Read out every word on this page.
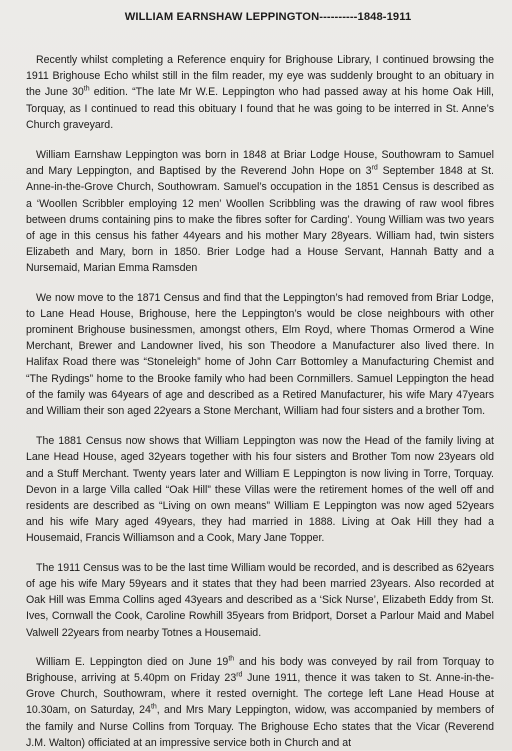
WILLIAM EARNSHAW LEPPINGTON----------1848-1911

Recently whilst completing a Reference enquiry for Brighouse Library, I continued browsing the 1911 Brighouse Echo whilst still in the film reader, my eye was suddenly brought to an obituary in the June 30th edition. “The late Mr W.E. Leppington who had passed away at his home Oak Hill, Torquay, as I continued to read this obituary I found that he was going to be interred in St. Anne’s Church graveyard.

William Earnshaw Leppington was born in 1848 at Briar Lodge House, Southowram to Samuel and Mary Leppington, and Baptised by the Reverend John Hope on 3rd September 1848 at St. Anne-in-the-Grove Church, Southowram. Samuel’s occupation in the 1851 Census is described as a ‘Woollen Scribbler employing 12 men’ Woollen Scribbling was the drawing of raw wool fibres between drums containing pins to make the fibres softer for Carding’. Young William was two years of age in this census his father 44years and his mother Mary 28years. William had, twin sisters Elizabeth and Mary, born in 1850. Brier Lodge had a House Servant, Hannah Batty and a Nursemaid, Marian Emma Ramsden

We now move to the 1871 Census and find that the Leppington’s had removed from Briar Lodge, to Lane Head House, Brighouse, here the Leppington’s would be close neighbours with other prominent Brighouse businessmen, amongst others, Elm Royd, where Thomas Ormerod a Wine Merchant, Brewer and Landowner lived, his son Theodore a Manufacturer also lived there. In Halifax Road there was “Stoneleigh” home of John Carr Bottomley a Manufacturing Chemist and “The Rydings” home to the Brooke family who had been Cornmillers. Samuel Leppington the head of the family was 64years of age and described as a Retired Manufacturer, his wife Mary 47years and William their son aged 22years a Stone Merchant, William had four sisters and a brother Tom.

The 1881 Census now shows that William Leppington was now the Head of the family living at Lane Head House, aged 32years together with his four sisters and Brother Tom now 23years old and a Stuff Merchant. Twenty years later and William E Leppington is now living in Torre, Torquay. Devon in a large Villa called “Oak Hill” these Villas were the retirement homes of the well off and residents are described as “Living on own means” William E Leppington was now aged 52years and his wife Mary aged 49years, they had married in 1888. Living at Oak Hill they had a Housemaid, Francis Williamson and a Cook, Mary Jane Topper.

The 1911 Census was to be the last time William would be recorded, and is described as 62years of age his wife Mary 59years and it states that they had been married 23years. Also recorded at Oak Hill was Emma Collins aged 43years and described as a ‘Sick Nurse’, Elizabeth Eddy from St. Ives, Cornwall the Cook, Caroline Rowhill 35years from Bridport, Dorset a Parlour Maid and Mabel Valwell 22years from nearby Totnes a Housemaid.

William E. Leppington died on June 19th and his body was conveyed by rail from Torquay to Brighouse, arriving at 5.40pm on Friday 23rd June 1911, thence it was taken to St. Anne-in-the-Grove Church, Southowram, where it rested overnight. The cortege left Lane Head House at 10.30am, on Saturday, 24th, and Mrs Mary Leppington, widow, was accompanied by members of the family and Nurse Collins from Torquay. The Brighouse Echo states that the Vicar (Reverend J.M. Walton) officiated at an impressive service both in Church and at
